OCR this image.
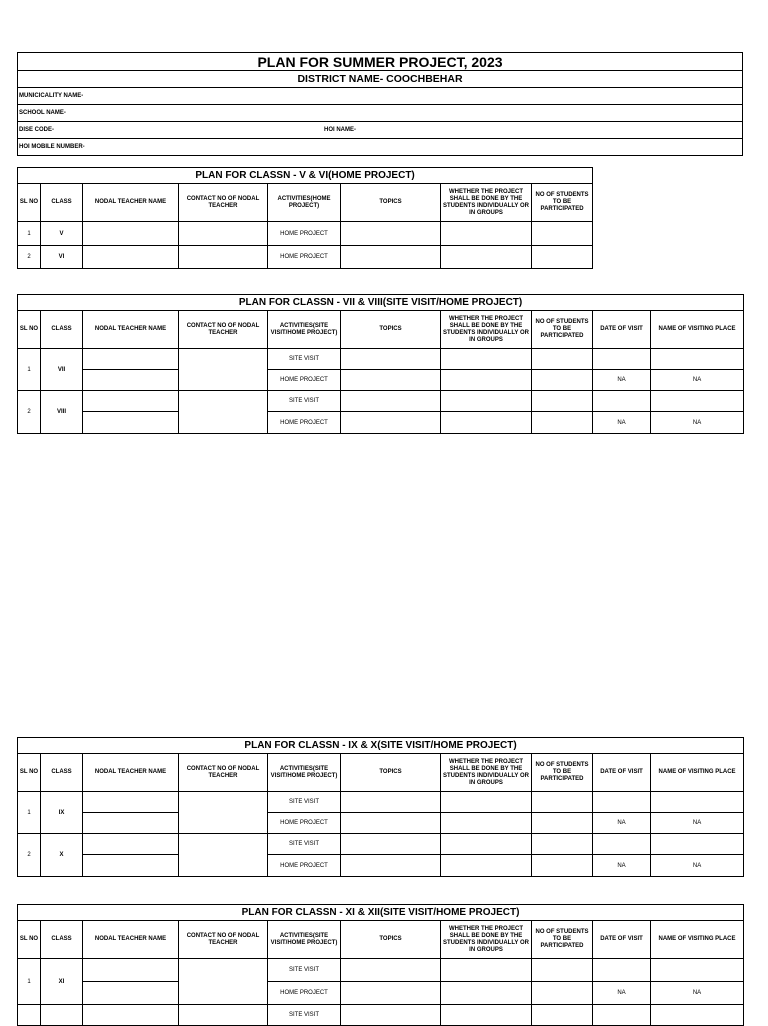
PLAN FOR SUMMER PROJECT, 2023
DISTRICT NAME- COOCHBEHAR
MUNICICALITY NAME-
SCHOOL NAME-
DISE CODE-	HOI NAME-
HOI MOBILE NUMBER-
PLAN FOR CLASSN - V & VI(HOME PROJECT)							
SL NO	CLASS	NODAL TEACHER NAME	CONTACT NO OF NODAL TEACHER	ACTIVITIES(HOME PROJECT)	TOPICS	WHETHER THE PROJECT SHALL BE DONE BY THE STUDENTS INDIVIDUALLY OR IN GROUPS	NO OF STUDENTS TO BE PARTICIPATED
1	V			HOME PROJECT			
2	VI			HOME PROJECT			
PLAN FOR CLASSN - VII & VIII(SITE VISIT/HOME PROJECT)									
SL NO	CLASS	NODAL TEACHER NAME	CONTACT NO OF NODAL TEACHER	ACTIVITIES(SITE VISIT/HOME PROJECT)	TOPICS	WHETHER THE PROJECT SHALL BE DONE BY THE STUDENTS INDIVIDUALLY OR IN GROUPS	NO OF STUDENTS TO BE PARTICIPATED	DATE OF VISIT	NAME OF VISITING PLACE
1	VII			SITE VISIT					
				HOME PROJECT				NA	NA
2	VIII			SITE VISIT					
				HOME PROJECT				NA	NA
PLAN FOR CLASSN - IX & X(SITE VISIT/HOME PROJECT)									
SL NO	CLASS	NODAL TEACHER NAME	CONTACT NO OF NODAL TEACHER	ACTIVITIES(SITE VISIT/HOME PROJECT)	TOPICS	WHETHER THE PROJECT SHALL BE DONE BY THE STUDENTS INDIVIDUALLY OR IN GROUPS	NO OF STUDENTS TO BE PARTICIPATED	DATE OF VISIT	NAME OF VISITING PLACE
1	IX			SITE VISIT					
				HOME PROJECT				NA	NA
2	X			SITE VISIT					
				HOME PROJECT				NA	NA
PLAN FOR CLASSN - XI & XII(SITE VISIT/HOME PROJECT)									
SL NO	CLASS	NODAL TEACHER NAME	CONTACT NO OF NODAL TEACHER	ACTIVITIES(SITE VISIT/HOME PROJECT)	TOPICS	WHETHER THE PROJECT SHALL BE DONE BY THE STUDENTS INDIVIDUALLY OR IN GROUPS	NO OF STUDENTS TO BE PARTICIPATED	DATE OF VISIT	NAME OF VISITING PLACE
1	XI			SITE VISIT					
				HOME PROJECT				NA	NA
				SITE VISIT					
